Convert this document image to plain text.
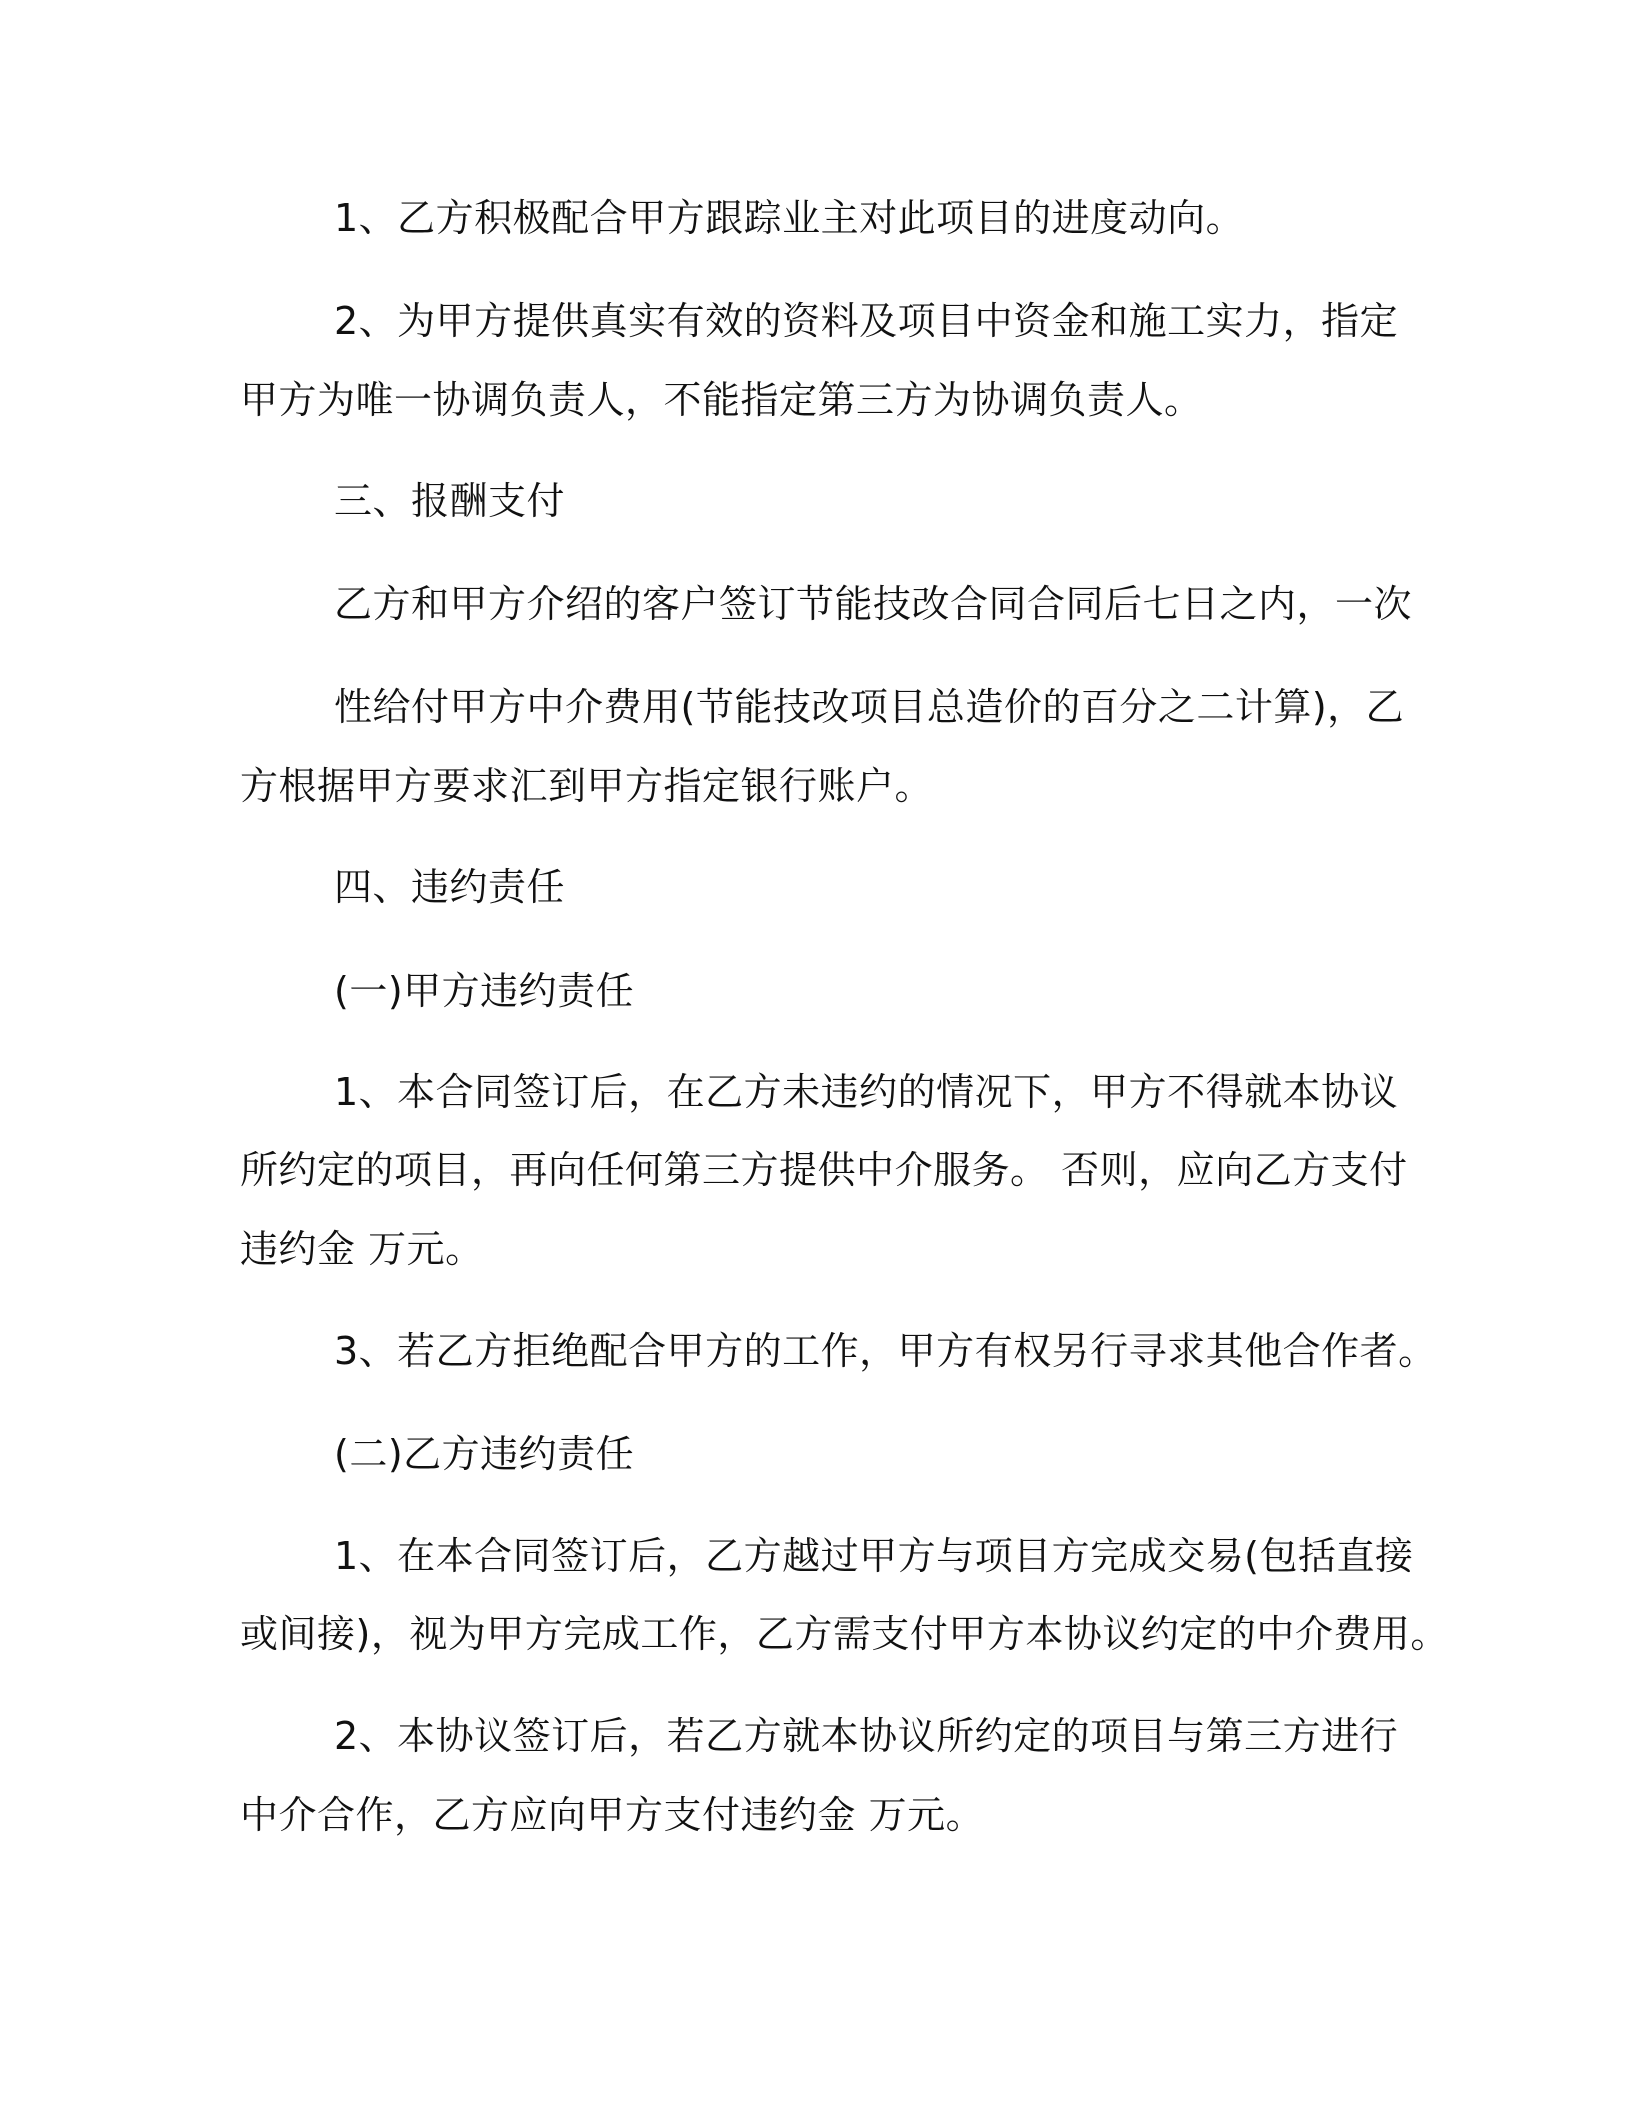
1、乙方积极配合甲方跟踪业主对此项目的进度动向。
2、为甲方提供真实有效的资料及项目中资金和施工实力，指定
甲方为唯一协调负责人，不能指定第三方为协调负责人。
三、报酬支付
乙方和甲方介绍的客户签订节能技改合同合同后七日之内，一次
性给付甲方中介费用(节能技改项目总造价的百分之二计算)，乙
方根据甲方要求汇到甲方指定银行账户。
四、违约责任
(一)甲方违约责任
1、本合同签订后，在乙方未违约的情况下，甲方不得就本协议
所约定的项目，再向任何第三方提供中介服务。 否则，应向乙方支付
违约金 万元。
3、若乙方拒绝配合甲方的工作，甲方有权另行寻求其他合作者。
(二)乙方违约责任
1、在本合同签订后，乙方越过甲方与项目方完成交易(包括直接
或间接)，视为甲方完成工作，乙方需支付甲方本协议约定的中介费用。
2、本协议签订后，若乙方就本协议所约定的项目与第三方进行
中介合作，乙方应向甲方支付违约金 万元。
